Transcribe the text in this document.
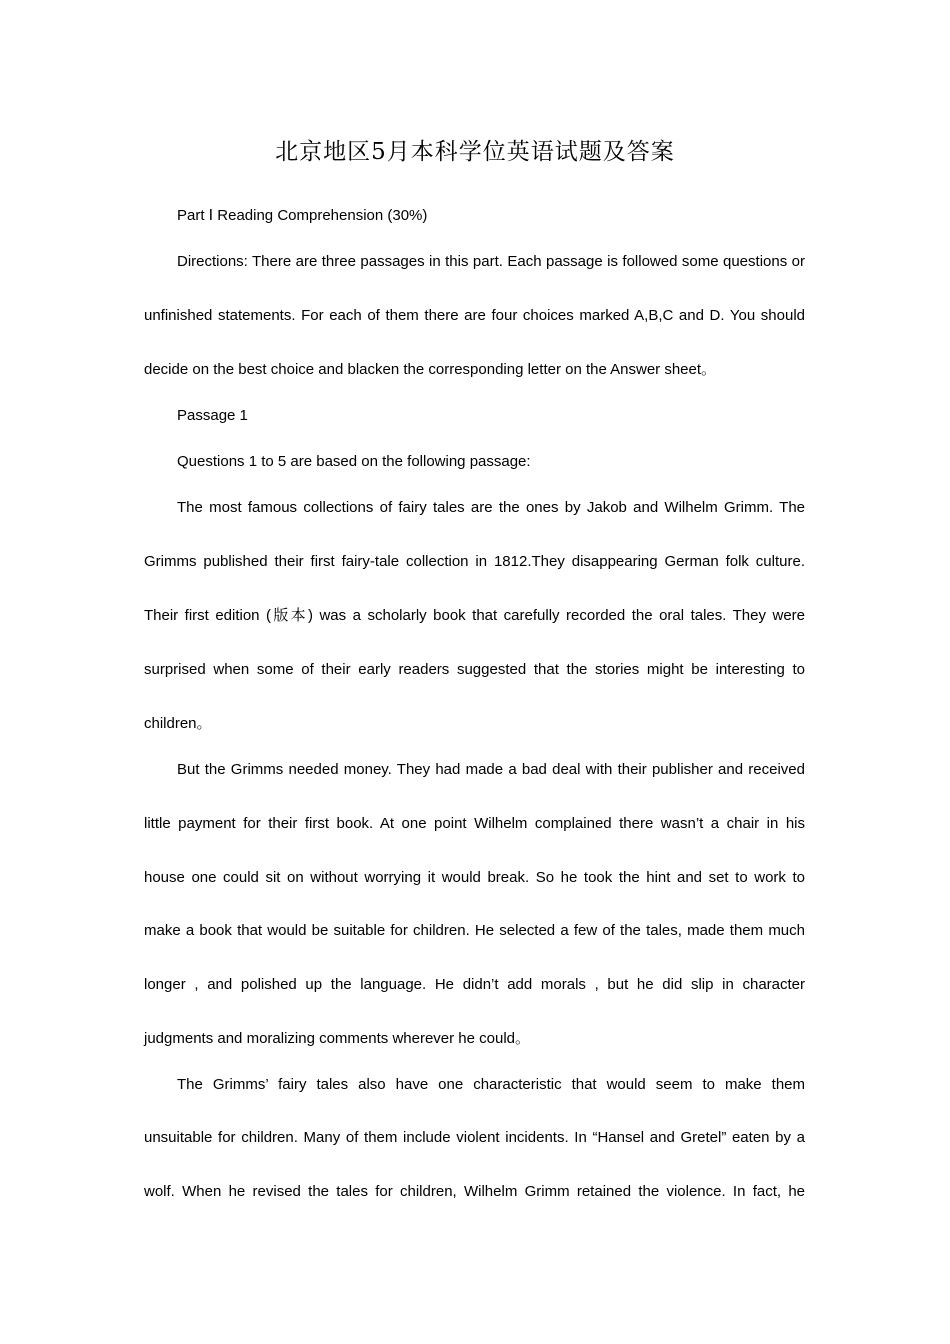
北京地区5月本科学位英语试题及答案
Part Ⅰ Reading Comprehension (30%)
Directions: There are three passages in this part. Each passage is followed some questions or
unfinished statements. For each of them there are four choices marked A,B,C and D. You should
decide on the best choice and blacken the corresponding letter on the Answer sheet。
Passage 1
Questions 1 to 5 are based on the following passage:
The most famous collections of fairy tales are the ones by Jakob and Wilhelm Grimm. The
Grimms published their first fairy-tale collection in 1812.They disappearing German folk culture.
Their first edition (版本) was a scholarly book that carefully recorded the oral tales. They were
surprised when some of their early readers suggested that the stories might be interesting to
children。
But the Grimms needed money. They had made a bad deal with their publisher and received
little payment for their first book. At one point Wilhelm complained there wasn’t a chair in his
house one could sit on without worrying it would break. So he took the hint and set to work to
make a book that would be suitable for children. He selected a few of the tales, made them much
longer , and polished up the language. He didn’t add morals , but he did slip in character
judgments and moralizing comments wherever he could。
The Grimms’ fairy tales also have one characteristic that would seem to make them
unsuitable for children. Many of them include violent incidents. In “Hansel and Gretel” eaten by a
wolf. When he revised the tales for children, Wilhelm Grimm retained the violence. In fact, he
